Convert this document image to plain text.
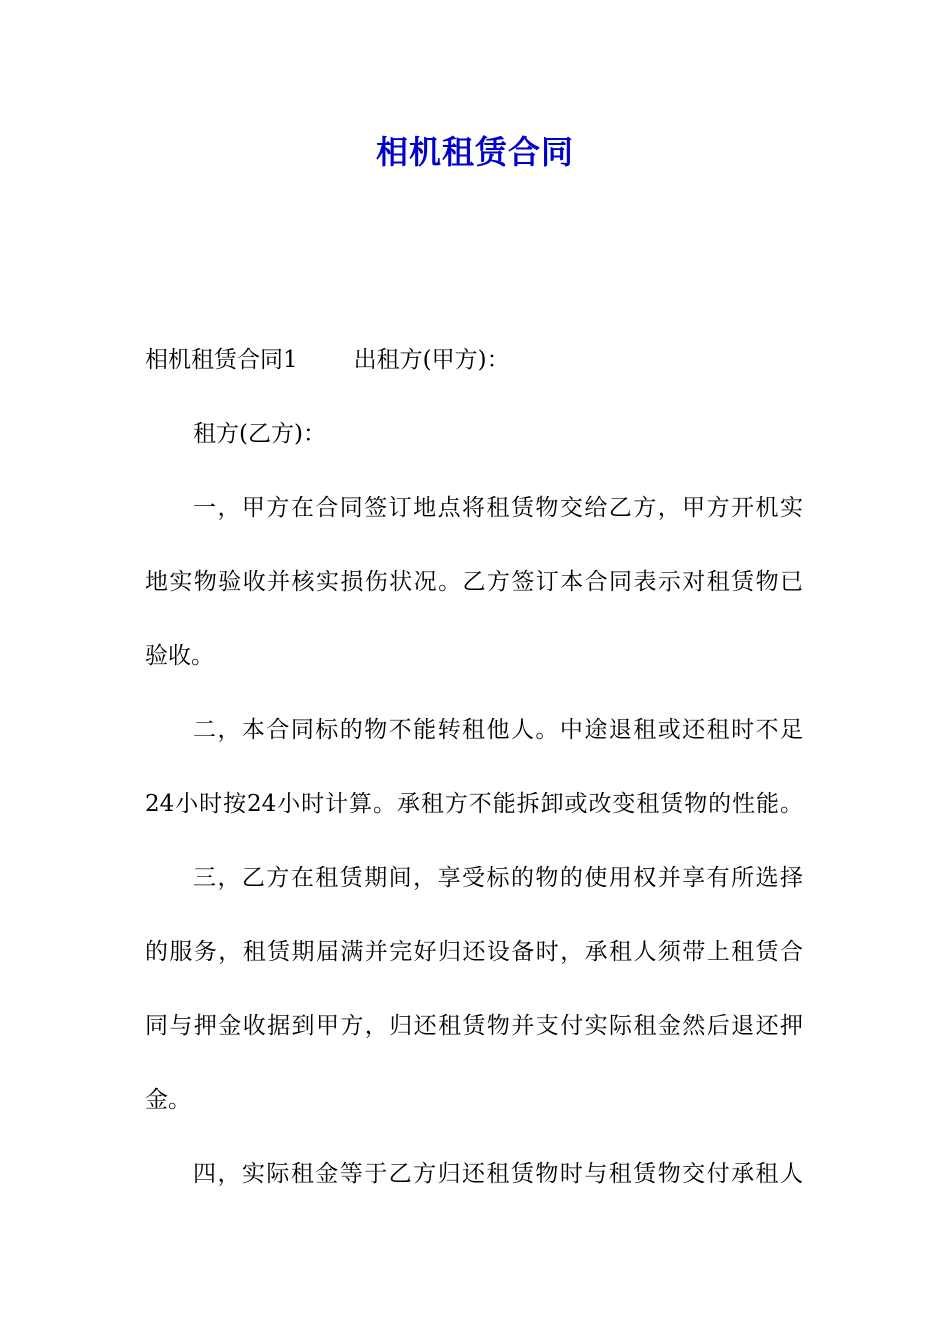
相机租赁合同
相机租赁合同1 出租方(甲方)：
租方(乙方)：
一，甲方在合同签订地点将租赁物交给乙方，甲方开机实
地实物验收并核实损伤状况。乙方签订本合同表示对租赁物已
验收。
二，本合同标的物不能转租他人。中途退租或还租时不足
24小时按24小时计算。承租方不能拆卸或改变租赁物的性能。
三，乙方在租赁期间，享受标的物的使用权并享有所选择
的服务，租赁期届满并完好归还设备时，承租人须带上租赁合
同与押金收据到甲方，归还租赁物并支付实际租金然后退还押
金。
四，实际租金等于乙方归还租赁物时与租赁物交付承租人
